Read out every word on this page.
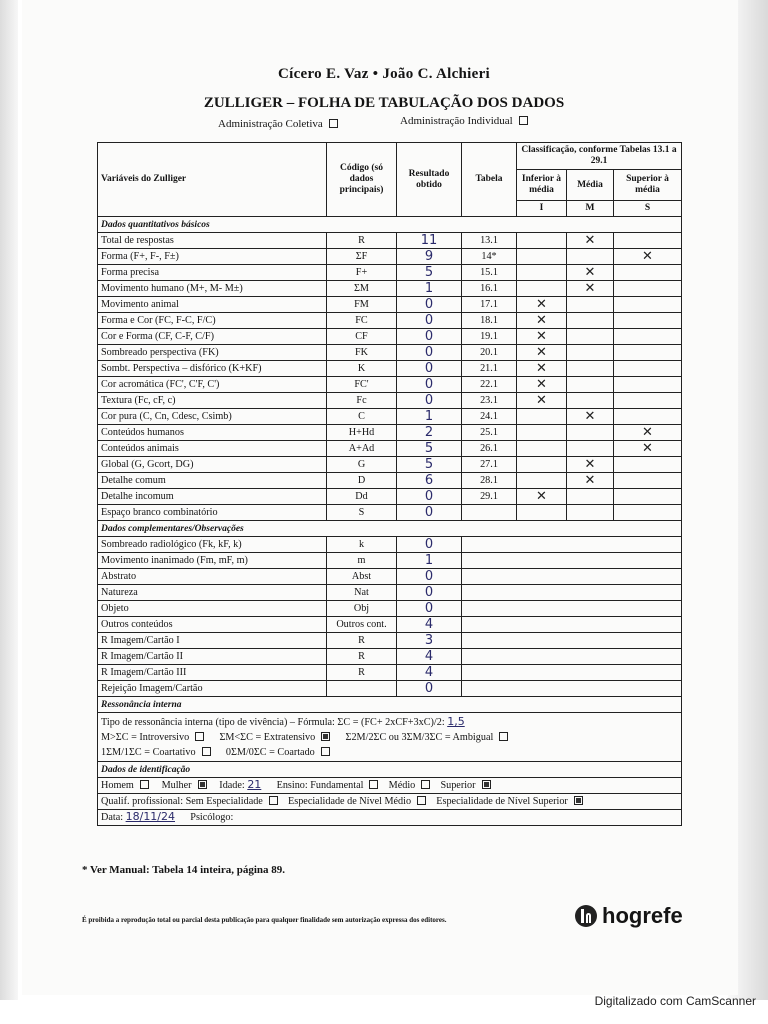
Cícero E. Vaz • João C. Alchieri
ZULLIGER – FOLHA DE TABULAÇÃO DOS DADOS
Administração Coletiva	Administração Individual
Variáveis do Zulliger	Código (só dados principais)	Resultado obtido	Tabela	Classificação, conforme Tabelas 13.1 a 29.1		
				Inferior à média	Média	Superior à média
				I	M	S
Dados quantitativos básicos						
Total de respostas	R	11	13.1		✕	
Forma (F+, F-, F±)	ΣF	9	14*			✕
Forma precisa	F+	5	15.1		✕	
Movimento humano (M+, M- M±)	ΣM	1	16.1		✕	
Movimento animal	FM	0	17.1	✕		
Forma e Cor (FC, F-C, F/C)	FC	0	18.1	✕		
Cor e Forma (CF, C-F, C/F)	CF	0	19.1	✕		
Sombreado perspectiva (FK)	FK	0	20.1	✕		
Sombt. Perspectiva – disfórico (K+KF)	K	0	21.1	✕		
Cor acromática (FC', C'F, C')	FC'	0	22.1	✕		
Textura (Fc, cF, c)	Fc	0	23.1	✕		
Cor pura (C, Cn, Cdesc, Csimb)	C	1	24.1		✕	
Conteúdos humanos	H+Hd	2	25.1			✕
Conteúdos animais	A+Ad	5	26.1			✕
Global (G, Gcort, DG)	G	5	27.1		✕	
Detalhe comum	D	6	28.1		✕	
Detalhe incomum	Dd	0	29.1	✕		
Espaço branco combinatório	S	0				
Dados complementares/Observações						
Sombreado radiológico (Fk, kF, k)	k	0				
Movimento inanimado (Fm, mF, m)	m	1				
Abstrato	Abst	0				
Natureza	Nat	0				
Objeto	Obj	0				
Outros conteúdos	Outros cont.	4				
R Imagem/Cartão I	R	3				
R Imagem/Cartão II	R	4				
R Imagem/Cartão III	R	4				
Rejeição Imagem/Cartão		0				
Ressonância interna						

Tipo de ressonância interna (tipo de vivência) – Fórmula: ΣC = (FC+ 2xCF+3xC)/2: 1,5
M>ΣC = Introversivo ΣM<ΣC = Extratensivo Σ2M/2ΣC ou 3ΣM/3ΣC = Ambigual
1ΣM/1ΣC = Coartativo 0ΣM/0ΣC = Coartado						

Dados de identificação						
Homem Mulher Idade: 21 Ensino: Fundamental Médio Superior						
Qualif. profissional: Sem Especialidade Especialidade de Nível Médio Especialidade de Nível Superior						
Data: 18/11/24 Psicólogo:						
* Ver Manual: Tabela 14 inteira, página 89.
É proibida a reprodução total ou parcial desta publicação para qualquer finalidade sem autorização expressa dos editores.	hogrefe
Digitalizado com CamScanner
